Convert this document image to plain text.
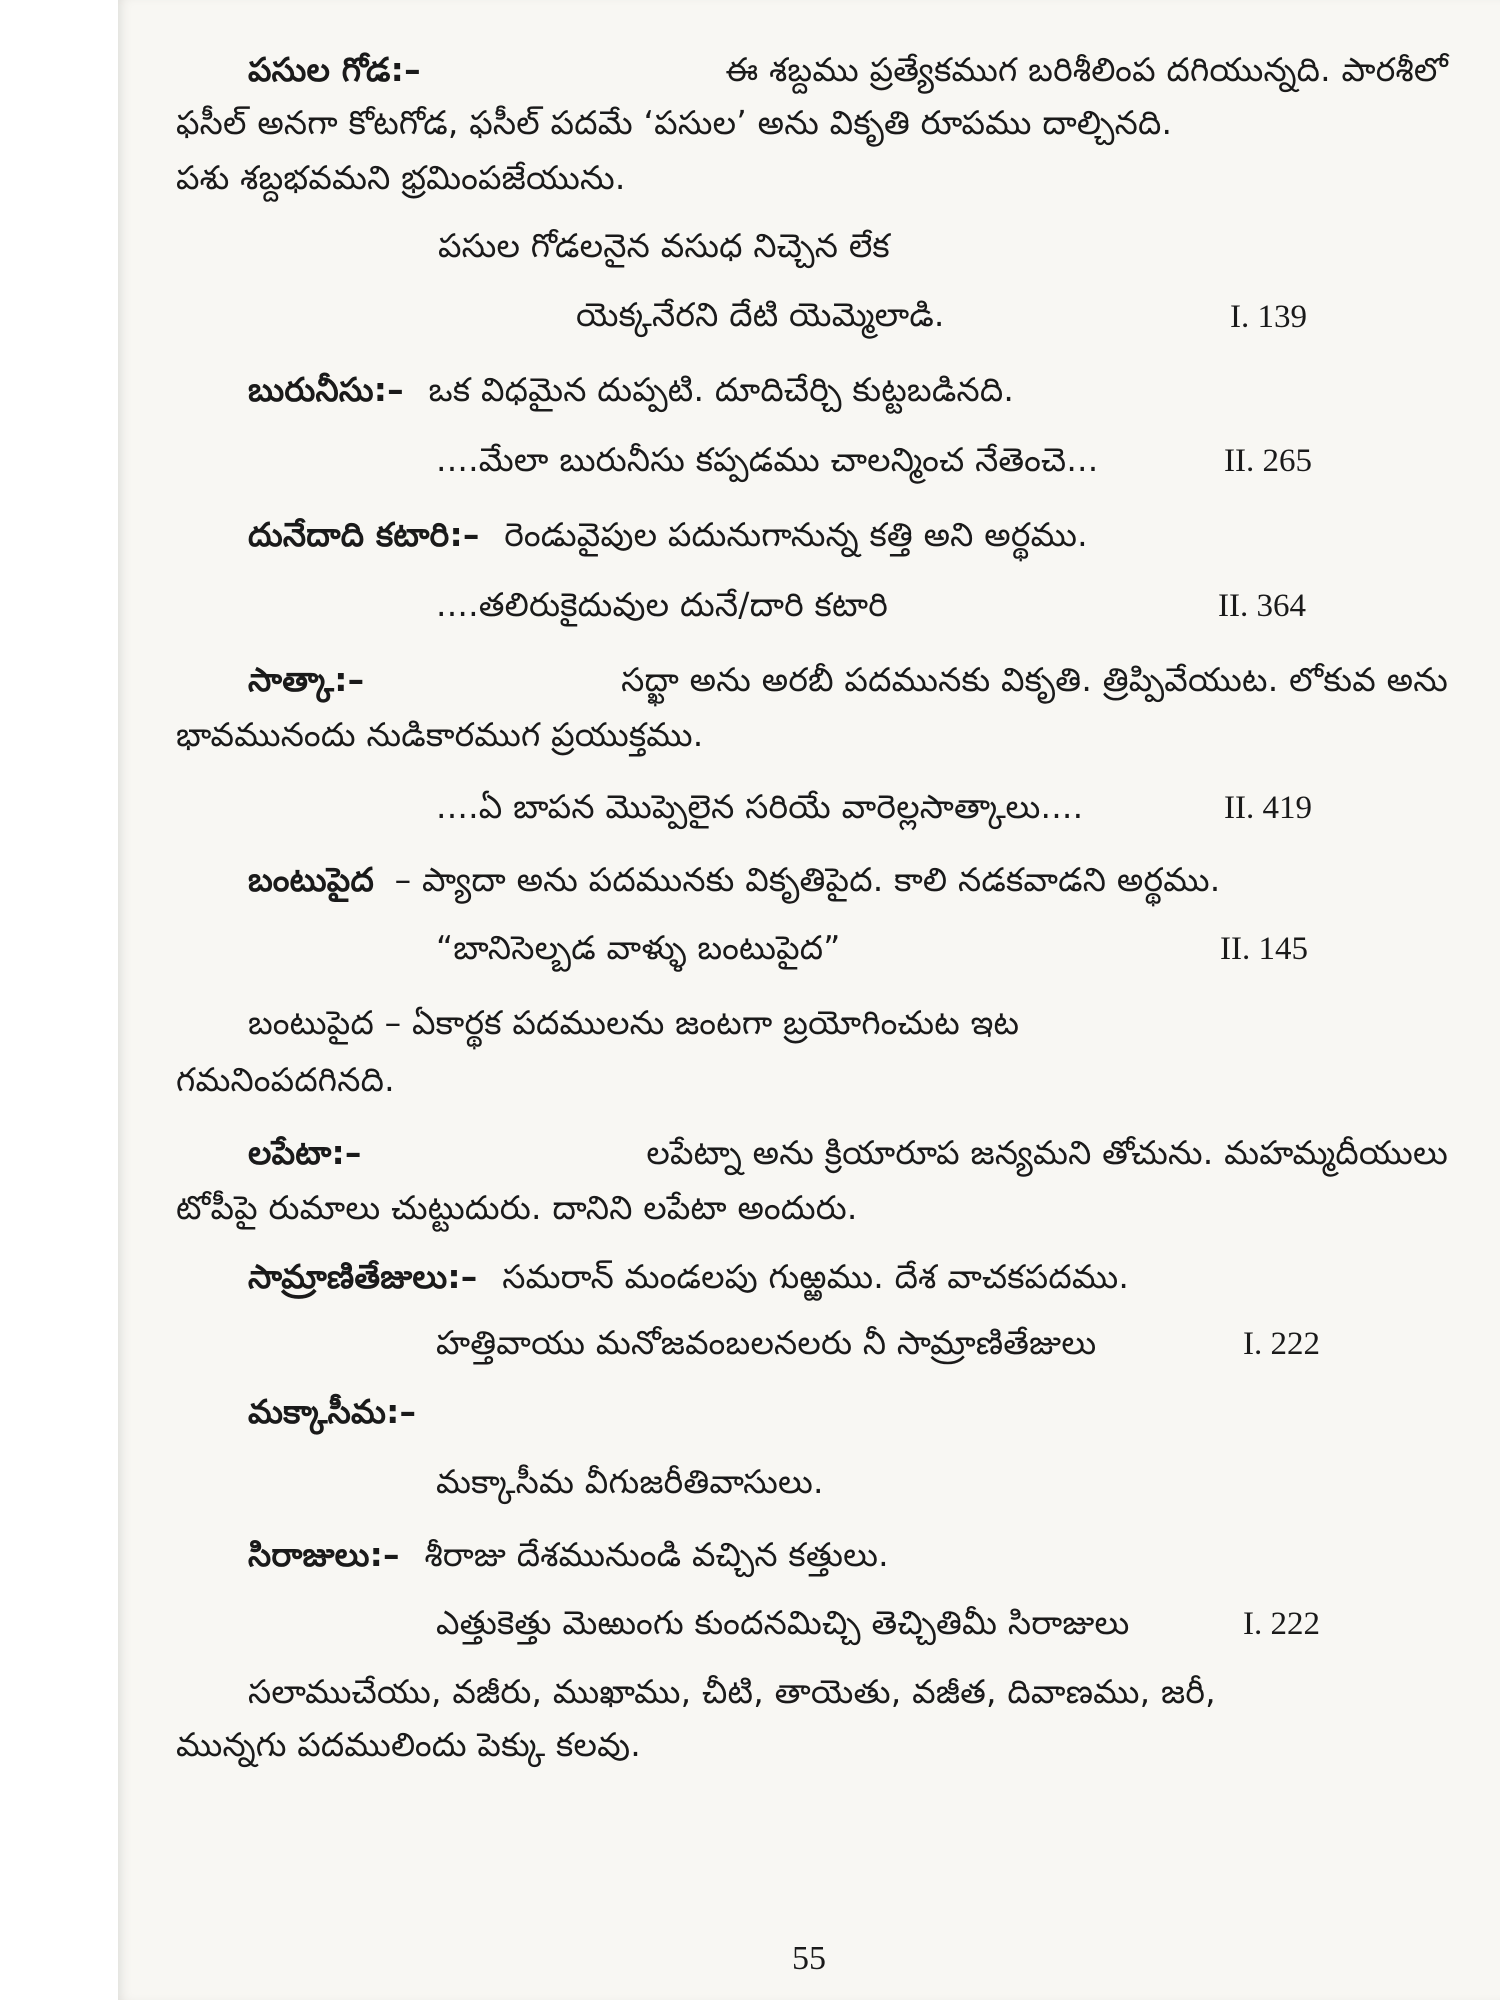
పసుల గోడ:–	ఈ శబ్దము ప్రత్యేకముగ బరిశీలింప దగియున్నది. పారశీలో
ఫసీల్ అనగా కోటగోడ, ఫసీల్ పదమే ‘పసుల’ అను వికృతి రూపము దాల్చినది.
పశు శబ్దభవమని భ్రమింపజేయును.
పసుల గోడలనైన వసుధ నిచ్చెన లేక
యెక్కనేరని దేటి యెమ్మెలాడి.	I. 139
బురునీసు:– ఒక విధమైన దుప్పటి. దూదిచేర్చి కుట్టబడినది.
....మేలా బురునీసు కప్పడము చాలన్మించ నేతెంచె...	II. 265
దునేదాది కటారి:– రెండువైపుల పదునుగానున్న కత్తి అని అర్థము.
....తలిరుకైదువుల దునే/దారి కటారి	II. 364
సాత్కా:–	సద్ఖా అను అరబీ పదమునకు వికృతి. త్రిప్పివేయుట. లోకువ అను
భావమునందు నుడికారముగ ప్రయుక్తము.
....ఏ బాపన మొప్పెలైన సరియే వారెల్లసాత్కాలు....	II. 419
బంటుపైద – ప్యాదా అను పదమునకు వికృతిపైద. కాలి నడకవాడని అర్థము.
“బానిసెల్బడ వాళ్ళు బంటుపైద”	II. 145
బంటుపైద – ఏకార్థక పదములను జంటగా బ్రయోగించుట ఇట
గమనింపదగినది.
లపేటా:–	లపేట్నా అను క్రియారూప జన్యమని తోచును. మహమ్మదీయులు
టోపీపై రుమాలు చుట్టుదురు. దానిని లపేటా అందురు.
సామ్రాణితేజులు:– సమరాన్ మండలపు గుఱ్ఱము. దేశ వాచకపదము.
హత్తివాయు మనోజవంబలనలరు నీ సామ్రాణితేజులు	I. 222
మక్కాసీమ:–
మక్కాసీమ వీగుజరీతివాసులు.
సిరాజులు:– శీరాజు దేశమునుండి వచ్చిన కత్తులు.
ఎత్తుకెత్తు మెఱుంగు కుందనమిచ్చి తెచ్చితిమీ సిరాజులు	I. 222
సలాముచేయు, వజీరు, ముఖాము, చీటి, తాయెతు, వజీత, దివాణము, జరీ,
మున్నగు పదములిందు పెక్కు కలవు.
55
